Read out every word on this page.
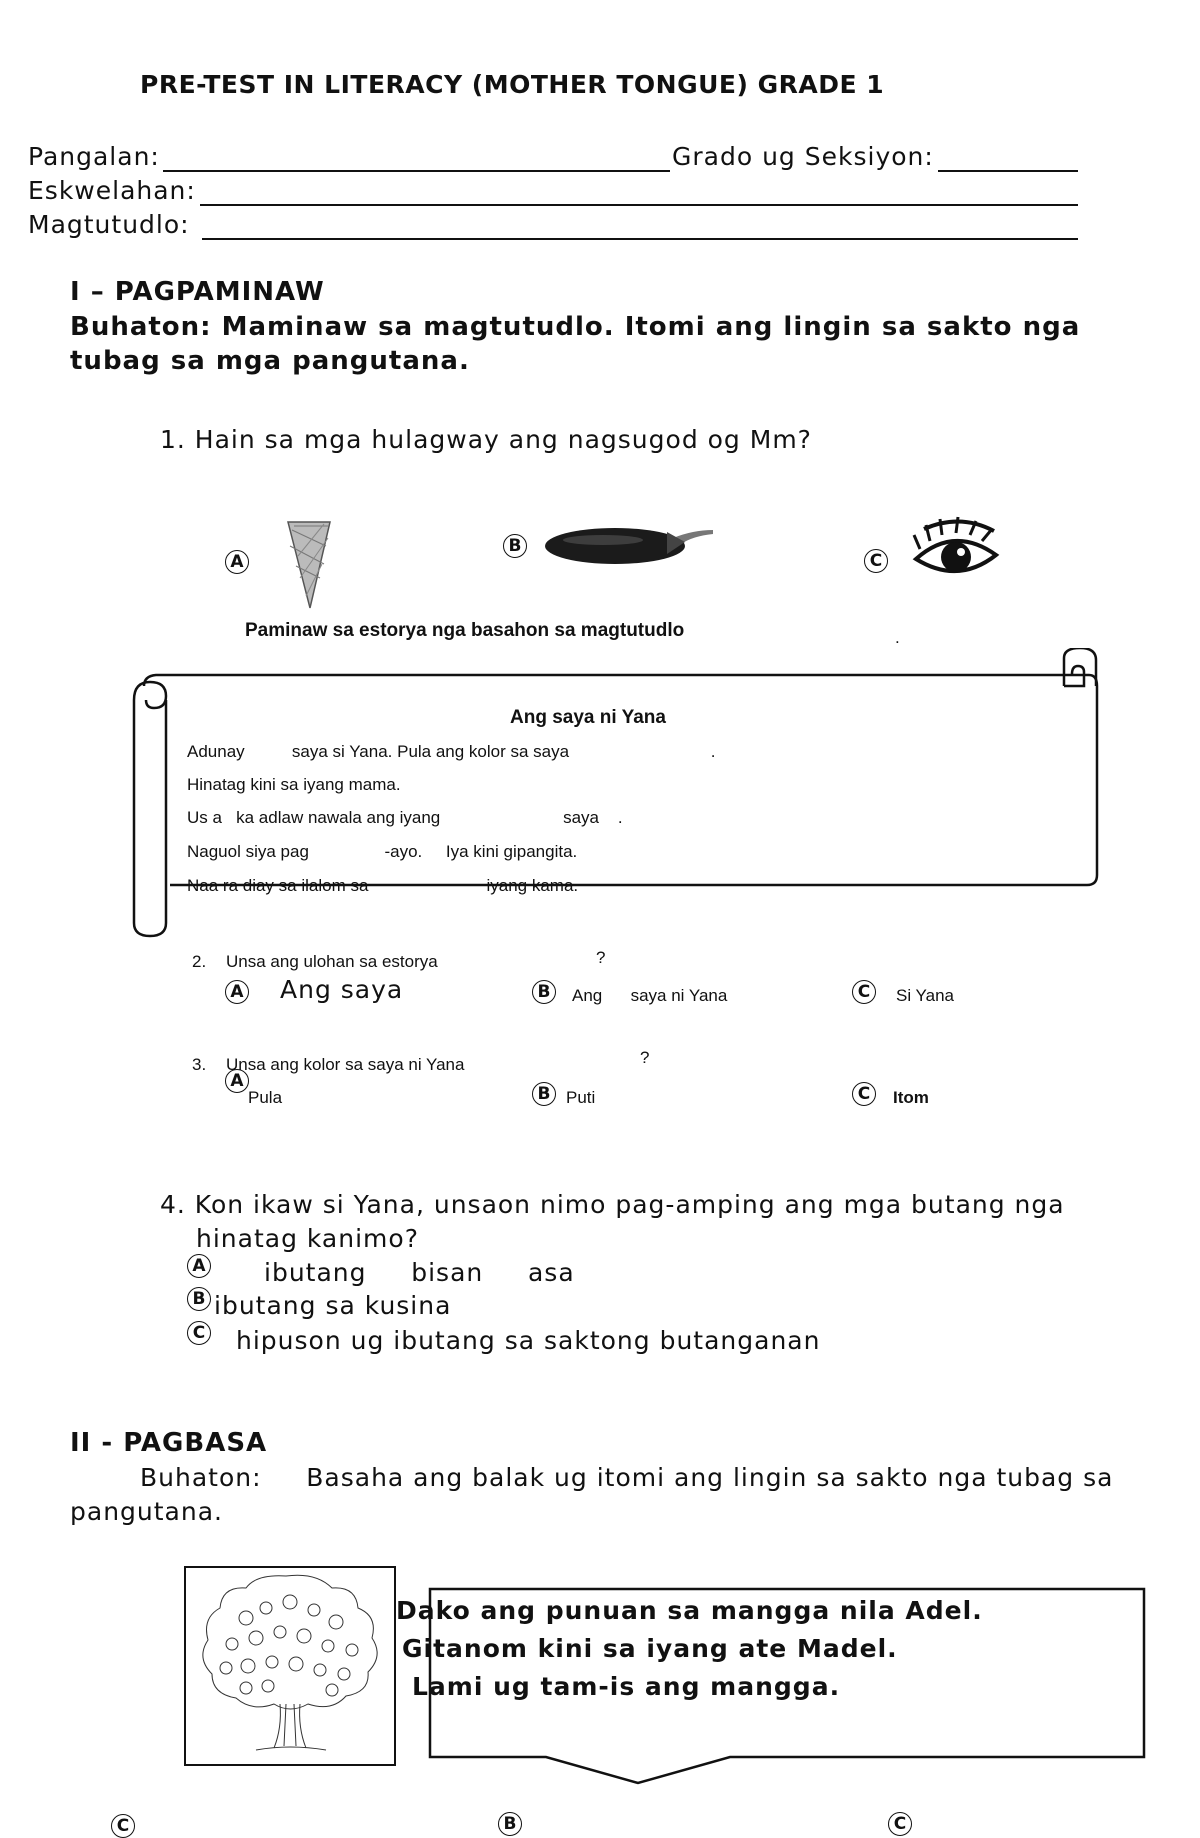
PRE-TEST IN LITERACY (MOTHER TONGUE) GRADE 1
Pangalan:	Grado ug Seksiyon:
Eskwelahan:
Magtutudlo:
I – PAGPAMINAW
Buhaton: Maminaw sa magtutudlo. Itomi ang lingin sa sakto nga
tubag sa mga pangutana.
1. Hain sa mga hulagway ang nagsugod og Mm?
A
B
C
Paminaw sa estorya nga basahon sa magtutudlo	.
Ang saya ni Yana
Adunay          saya si Yana. Pula ang kolor sa saya                              .
Hinatag kini sa iyang mama.
Us a   ka adlaw nawala ang iyang                          saya    .
Naguol siya pag                -ayo.     Iya kini gipangita.
Naa ra diay sa ilalom sa                         iyang kama.
2. Unsa ang ulohan sa estorya	?
A Ang saya	B	Ang      saya ni Yana	C	Si Yana
3. Unsa ang kolor sa saya ni Yana	?
A
Pula	B Puti	C	Itom
4. Kon ikaw si Yana, unsaon nimo pag-amping ang mga butang nga
hinatag kanimo?
A ibutang     bisan     asa
B ibutang sa kusina
C hipuson ug ibutang sa saktong butanganan
II - PAGBASA
Buhaton:     Basaha ang balak ug itomi ang lingin sa sakto nga tubag sa
pangutana.
Dako ang punuan sa mangga nila Adel.
Gitanom kini sa iyang ate Madel.
Lami ug tam-is ang mangga.
C	B	C
